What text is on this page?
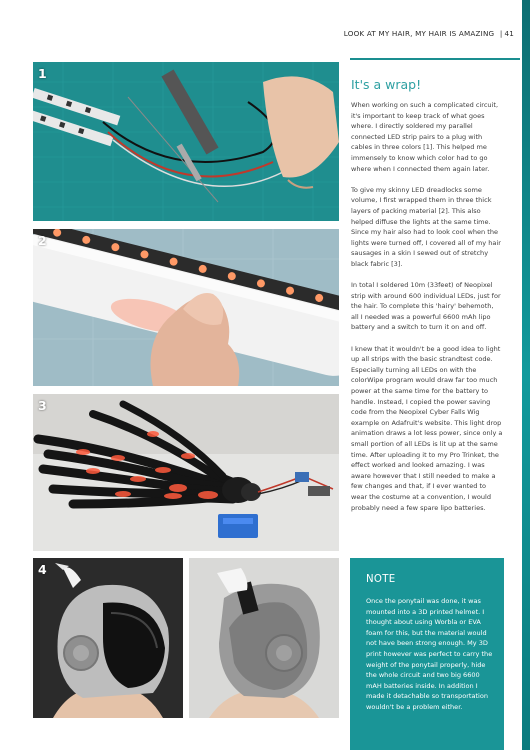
LOOK AT MY HAIR, MY HAIR IS AMAZING | 41
1
2
3
4
It's a wrap!

When working on such a complicated circuit, it's important to keep track of what goes where. I directly soldered my parallel connected LED strip pairs to a plug with cables in three colors [1]. This helped me immensely to know which color had to go where when I connected them again later.

To give my skinny LED dreadlocks some volume, I first wrapped them in three thick layers of packing material [2]. This also helped diffuse the lights at the same time. Since my hair also had to look cool when the lights were turned off, I covered all of my hair sausages in a skin I sewed out of stretchy black fabric [3].

In total I soldered 10m (33feet) of Neopixel strip with around 600 individual LEDs, just for the hair. To complete this 'hairy' behemoth, all I needed was a powerful 6600 mAh lipo battery and a switch to turn it on and off.

I knew that it wouldn't be a good idea to light up all strips with the basic strandtest code. Especially turning all LEDs on with the colorWipe program would draw far too much power at the same time for the battery to handle. Instead, I copied the power saving code from the Neopixel Cyber Falls Wig example on Adafruit's website. This light drop animation draws a lot less power, since only a small portion of all LEDs is lit up at the same time. After uploading it to my Pro Trinket, the effect worked and looked amazing. I was aware however that I still needed to make a few changes and that, if I ever wanted to wear the costume at a convention, I would probably need a few spare lipo batteries.

NOTE
Once the ponytail was done, it was mounted into a 3D printed helmet. I thought about using Worbla or EVA foam for this, but the material would not have been strong enough. My 3D print however was perfect to carry the weight of the ponytail properly, hide the whole circuit and two big 6600 mAH batteries inside. In addition I made it detachable so transportation wouldn't be a problem either.
